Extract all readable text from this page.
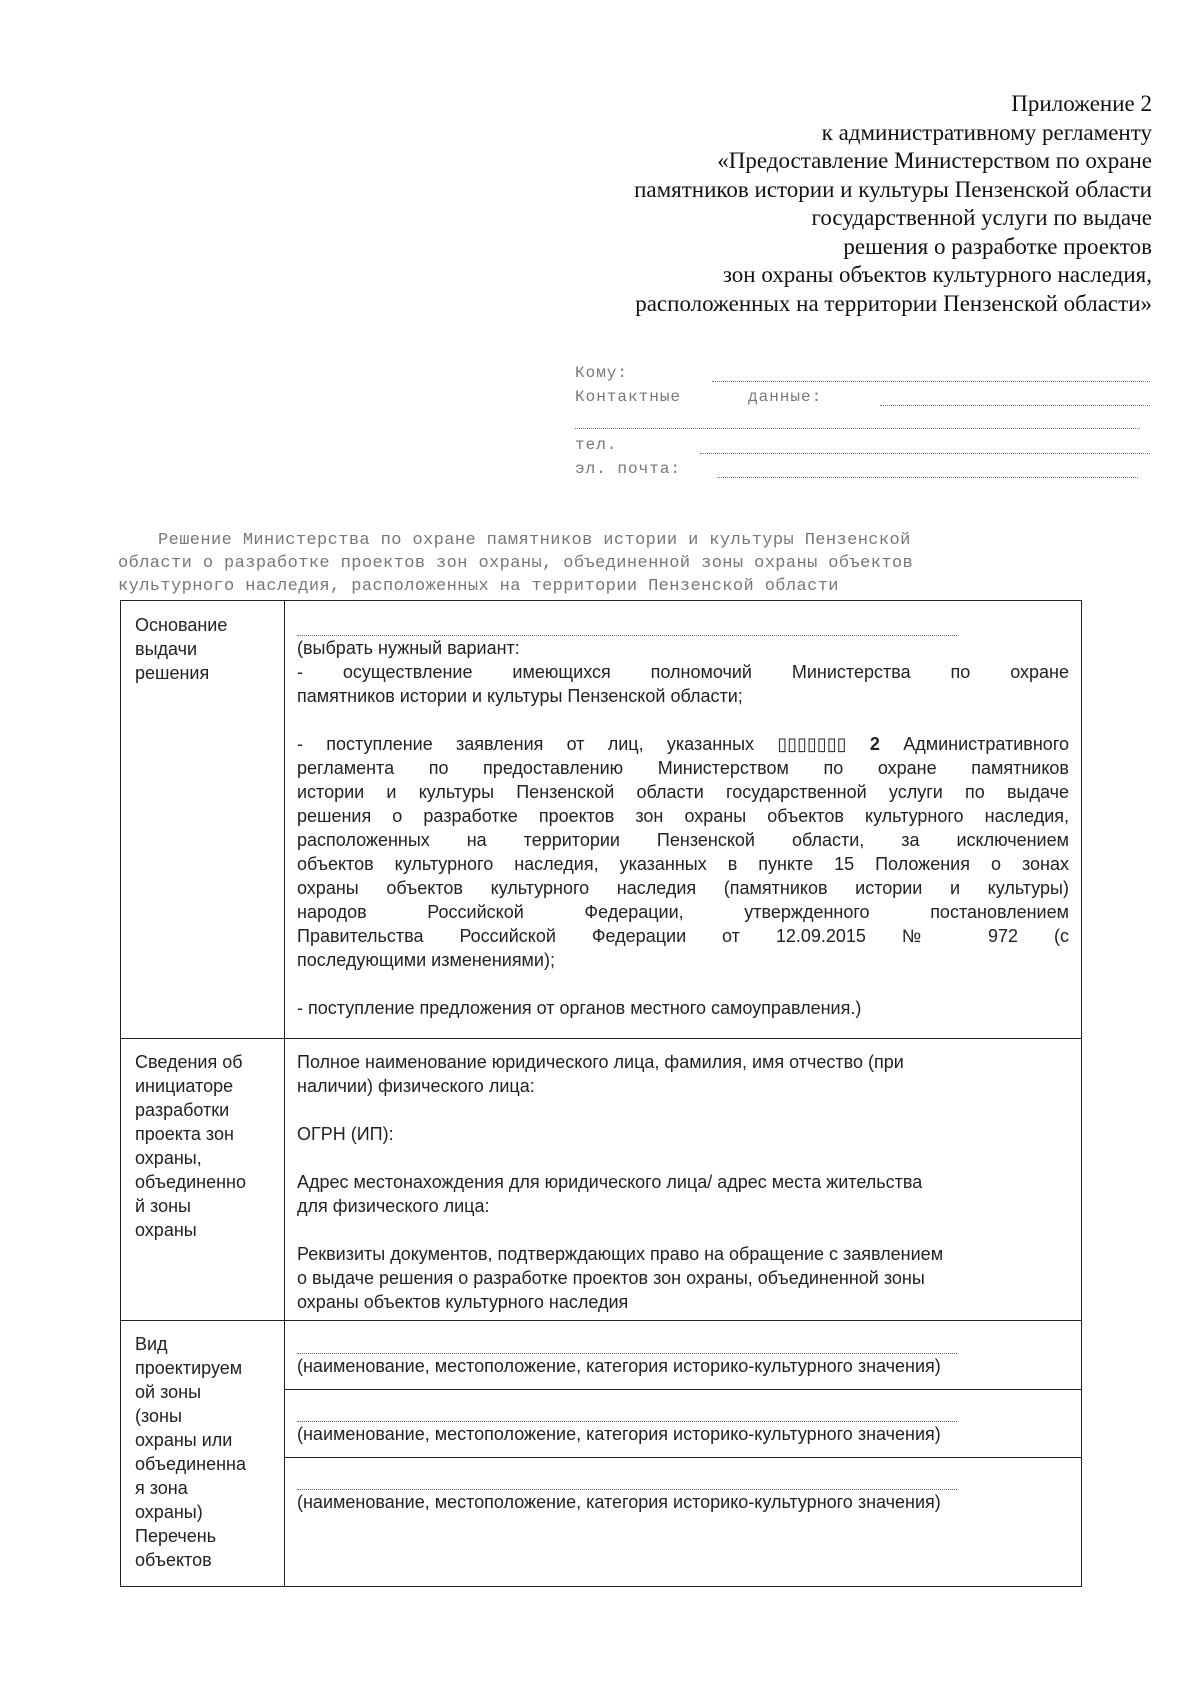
Приложение 2
к административному регламенту
«Предоставление Министерством по охране
памятников истории и культуры Пензенской области
государственной услуги по выдаче
решения о разработке проектов
зон охраны объектов культурного наследия,
расположенных на территории Пензенской области»
Кому:
Контактные	данные:
тел.
эл. почта:
Решение Министерства по охране памятников истории и культуры Пензенской
области о разработке проектов зон охраны, объединенной зоны охраны объектов
культурного наследия, расположенных на территории Пензенской области
Основание
выдачи
решения
(выбрать нужный вариант:
- осуществление имеющихся полномочий Министерства по охране
памятников истории и культуры Пензенской области;
- поступление заявления от лиц, указанных ▯▯▯▯▯▯▯ 2 Административного
регламента по предоставлению Министерством по охране памятников
истории и культуры Пензенской области государственной услуги по выдаче
решения о разработке проектов зон охраны объектов культурного наследия,
расположенных на территории Пензенской области, за исключением
объектов культурного наследия, указанных в пункте 15 Положения о зонах
охраны объектов культурного наследия (памятников истории и культуры)
народов Российской Федерации, утвержденного постановлением
Правительства Российской Федерации от 12.09.2015 № 972 (с
последующими изменениями);
- поступление предложения от органов местного самоуправления.)
Сведения об
инициаторе
разработки
проекта зон
охраны,
объединенно
й зоны
охраны
Полное наименование юридического лица, фамилия, имя отчество (при
наличии) физического лица:
ОГРН (ИП):
Адрес местонахождения для юридического лица/ адрес места жительства
для физического лица:
Реквизиты документов, подтверждающих право на обращение с заявлением
о выдаче решения о разработке проектов зон охраны, объединенной зоны
охраны объектов культурного наследия
Вид
проектируем
ой зоны
(зоны
охраны или
объединенна
я зона
охраны)
Перечень
объектов
(наименование, местоположение, категория историко-культурного значения)
(наименование, местоположение, категория историко-культурного значения)
(наименование, местоположение, категория историко-культурного значения)
